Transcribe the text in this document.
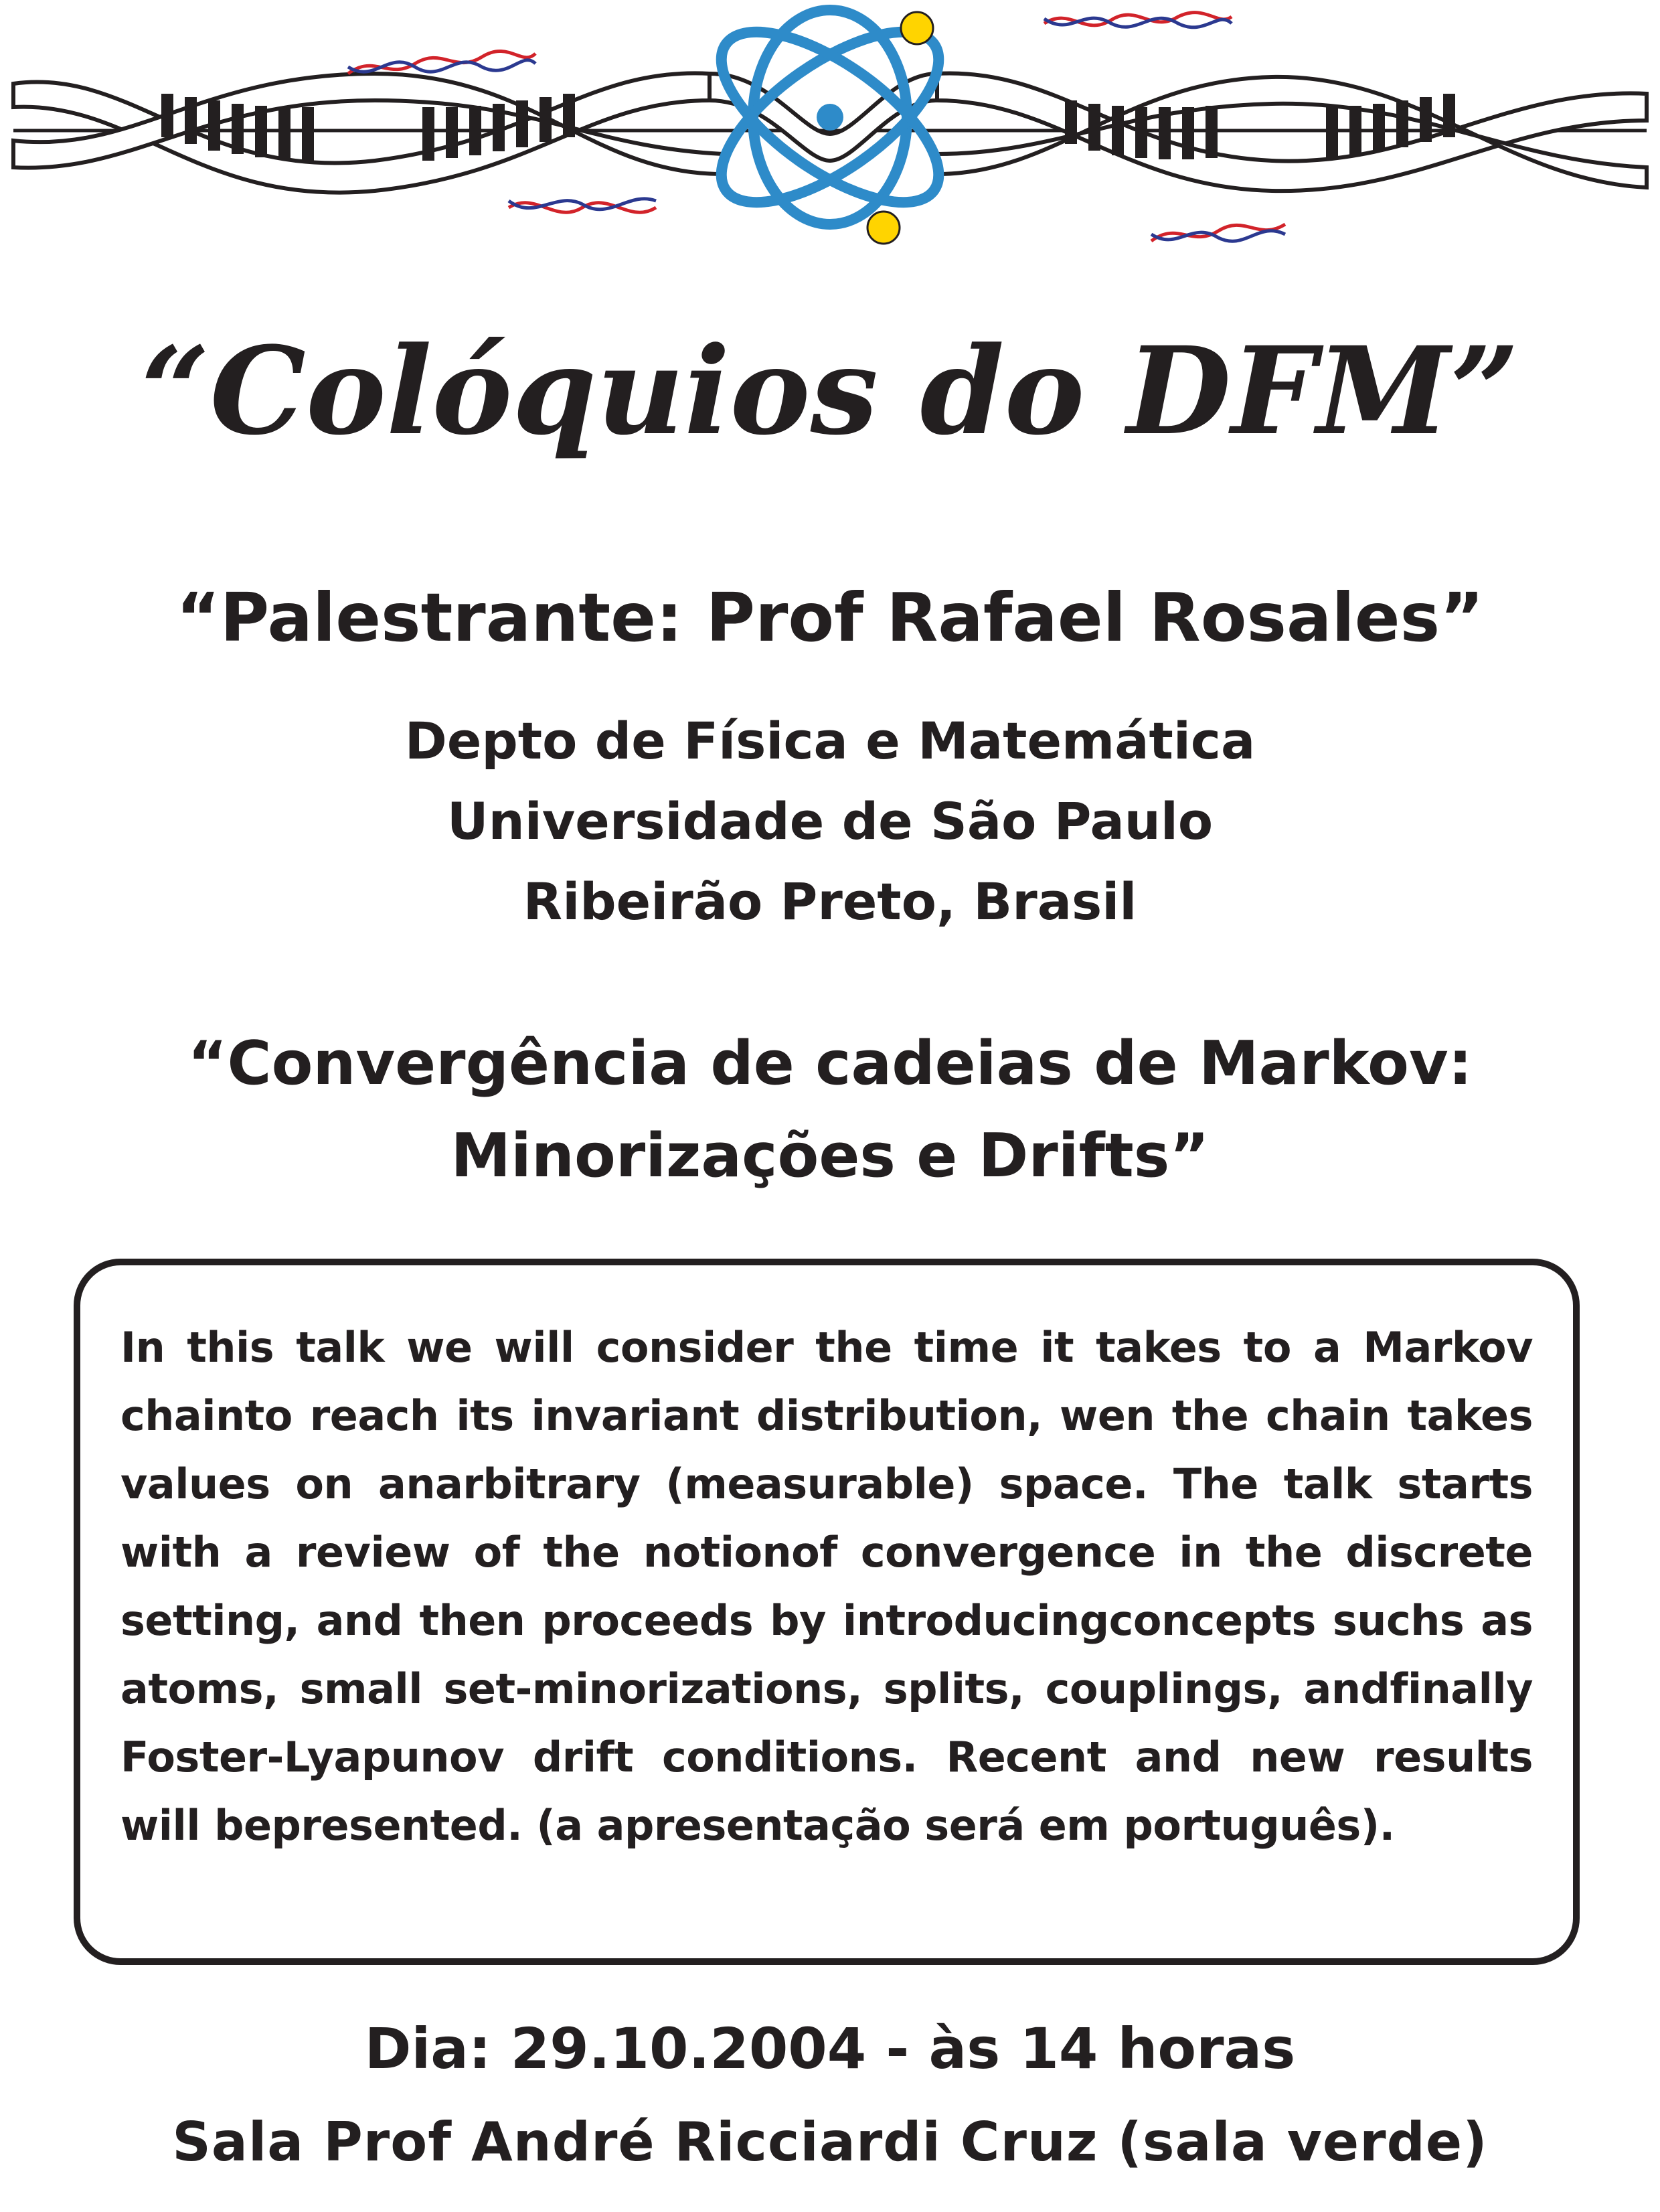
“Colóquios do DFM”
“Palestrante: Prof Rafael Rosales”
Depto de Física e Matemática
Universidade de São Paulo
Ribeirão Preto, Brasil
“Convergência de cadeias de Markov:
Minorizações e Drifts”

In this talk we will consider the time it takes to a Markov chainto reach its invariant distribution, wen the chain takes values on anarbitrary (measurable) space. The talk starts with a review of the notionof convergence in the discrete setting, and then proceeds by introducingconcepts suchs as atoms, small set-minorizations, splits, couplings, andfinally Foster-Lyapunov drift conditions. Recent and new results will bepresented. (a apresentação será em português).

Dia: 29.10.2004 - às 14 horas
Sala Prof André Ricciardi Cruz (sala verde)
